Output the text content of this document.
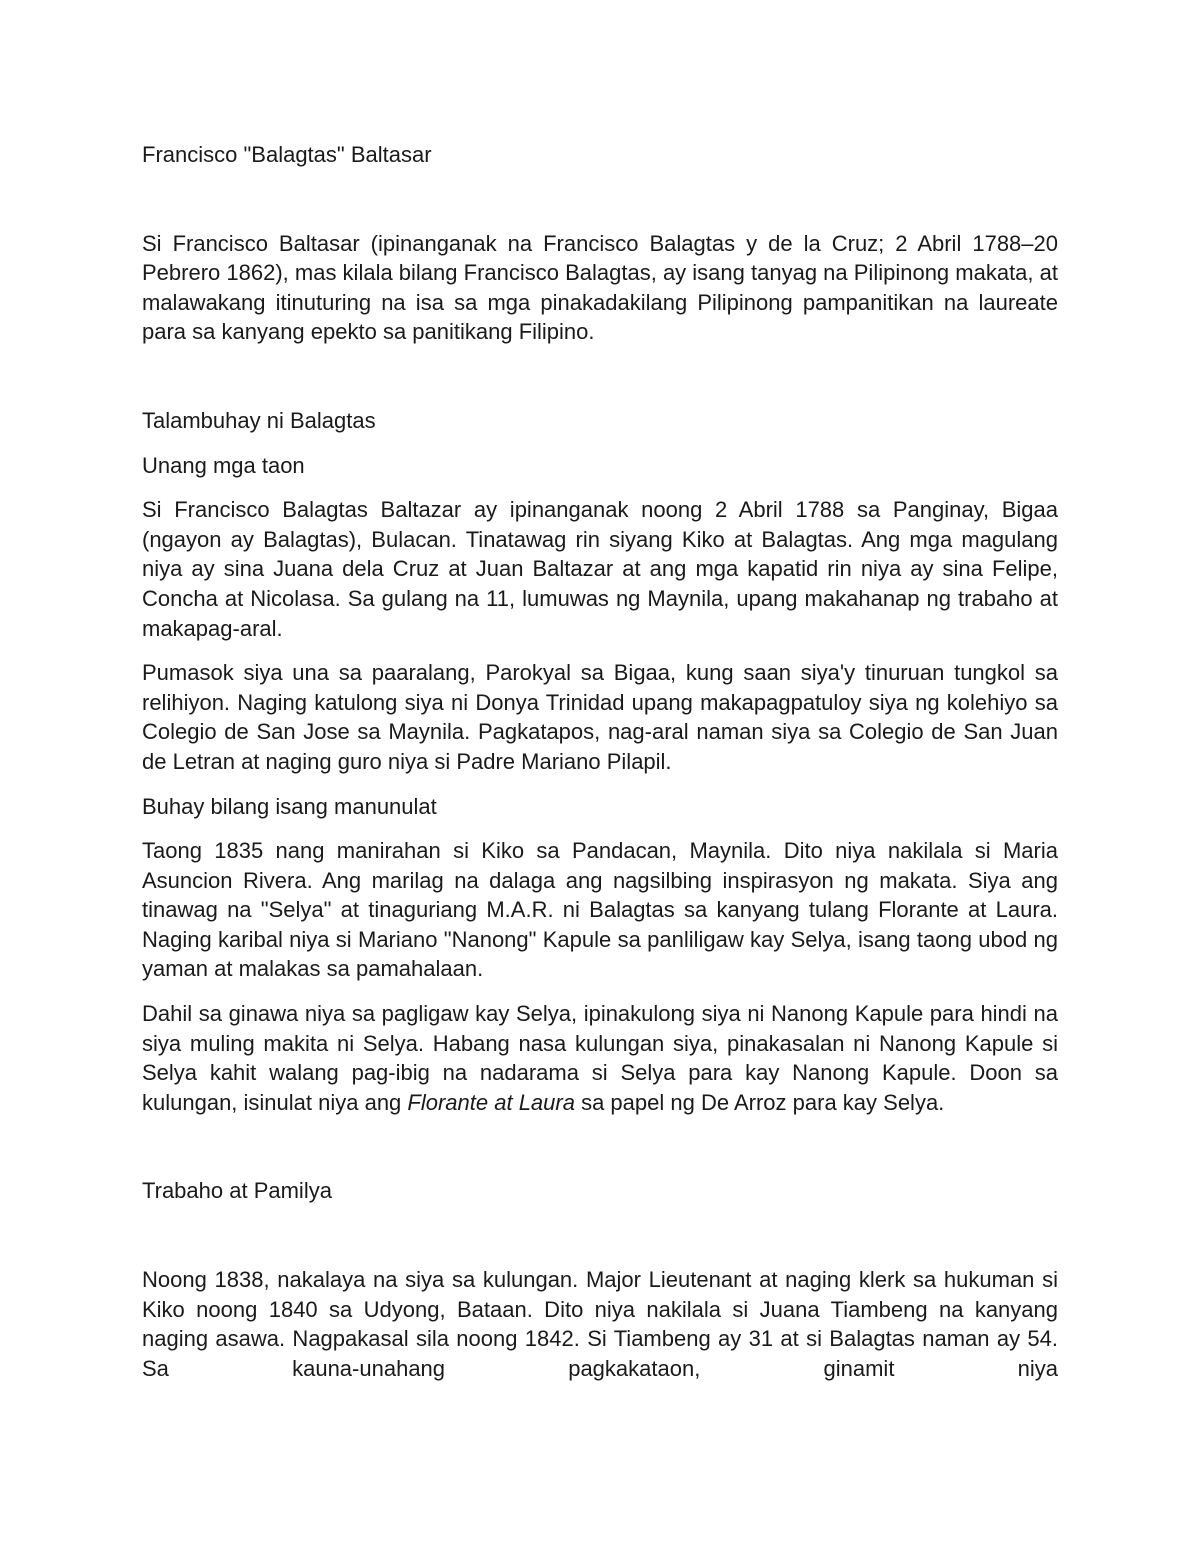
Francisco "Balagtas" Baltasar

Si Francisco Baltasar (ipinanganak na Francisco Balagtas y de la Cruz; 2 Abril 1788–20 Pebrero 1862), mas kilala bilang Francisco Balagtas, ay isang tanyag na Pilipinong makata, at malawakang itinuturing na isa sa mga pinakadakilang Pilipinong pampanitikan na laureate para sa kanyang epekto sa panitikang Filipino.

Talambuhay ni Balagtas

Unang mga taon

Si Francisco Balagtas Baltazar ay ipinanganak noong 2 Abril 1788 sa Panginay, Bigaa (ngayon ay Balagtas), Bulacan. Tinatawag rin siyang Kiko at Balagtas. Ang mga magulang niya ay sina Juana dela Cruz at Juan Baltazar at ang mga kapatid rin niya ay sina Felipe, Concha at Nicolasa. Sa gulang na 11, lumuwas ng Maynila, upang makahanap ng trabaho at makapag-aral.

Pumasok siya una sa paaralang, Parokyal sa Bigaa, kung saan siya'y tinuruan tungkol sa relihiyon. Naging katulong siya ni Donya Trinidad upang makapagpatuloy siya ng kolehiyo sa Colegio de San Jose sa Maynila. Pagkatapos, nag-aral naman siya sa Colegio de San Juan de Letran at naging guro niya si Padre Mariano Pilapil.

Buhay bilang isang manunulat

Taong 1835 nang manirahan si Kiko sa Pandacan, Maynila. Dito niya nakilala si Maria Asuncion Rivera. Ang marilag na dalaga ang nagsilbing inspirasyon ng makata. Siya ang tinawag na "Selya" at tinaguriang M.A.R. ni Balagtas sa kanyang tulang Florante at Laura. Naging karibal niya si Mariano "Nanong" Kapule sa panliligaw kay Selya, isang taong ubod ng yaman at malakas sa pamahalaan.

Dahil sa ginawa niya sa pagligaw kay Selya, ipinakulong siya ni Nanong Kapule para hindi na siya muling makita ni Selya. Habang nasa kulungan siya, pinakasalan ni Nanong Kapule si Selya kahit walang pag-ibig na nadarama si Selya para kay Nanong Kapule. Doon sa kulungan, isinulat niya ang Florante at Laura sa papel ng De Arroz para kay Selya.

Trabaho at Pamilya

Noong 1838, nakalaya na siya sa kulungan. Major Lieutenant at naging klerk sa hukuman si Kiko noong 1840 sa Udyong, Bataan. Dito niya nakilala si Juana Tiambeng na kanyang naging asawa. Nagpakasal sila noong 1842. Si Tiambeng ay 31 at si Balagtas naman ay 54. Sa kauna-unahang pagkakataon, ginamit niya
